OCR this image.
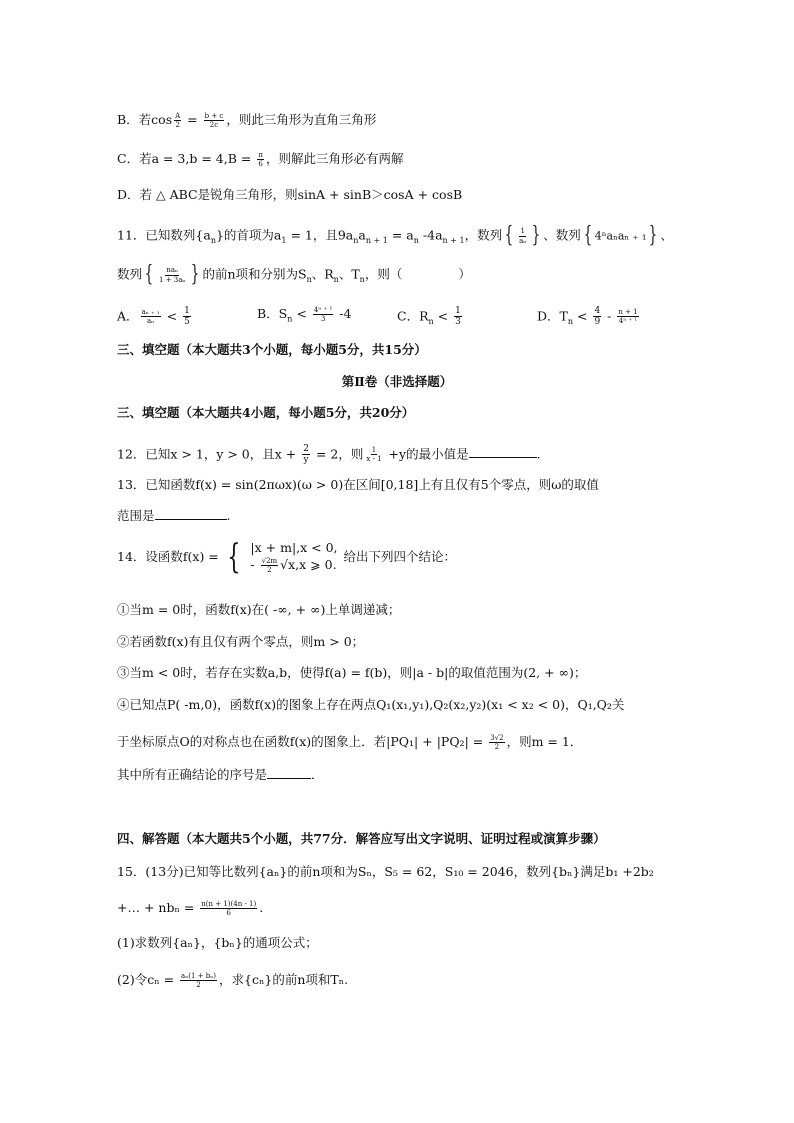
B．若$\cos \frac{A}{2} = \frac{b + c}{2c}$ ，则此三角形为直角三角形
C．若$a = 3,b = 4,B = \frac{\pi}{6}$ ，则解此三角形必有两解
D．若 △ ABC是锐角三角形，则sinA + sinB＞cosA + cosB
11．已知数列$\{a_n\}$的首项为$a_1 = 1$，且$9a_na_{n + 1} = a_n$ $-4a_{n + 1}$，数列 { $\frac{1}{\text{aₙ}}$ } 、数列 { 4ⁿaₙaₙ ₊ ₁ } 、
数列 { $\frac{\text{naₙ}}{\text{1 + 3aₙ}}$ } 的前n项和分别为$S_n$、$R_n$、$T_n$，则（	）
A． $\frac{\text{aₙ ₊ ₁}}{\text{aₙ}} < \frac{1}{5}$	B．$S_n < \frac{\text{4ⁿ ⁺ ¹}}{3} -4$	C．$R_n < \frac{1}{3}$	D．$T_n < \frac{4}{9} - \frac{n + 1}{\text{4ⁿ ⁺ ¹}}$
三、填空题（本大题共3个小题，每小题5分，共15分）
第Ⅱ卷（非选择题）
三、填空题（本大题共4小题，每小题5分，共20分）
12．已知x > 1，y > 0，且$x + \frac{2}{y} = 2$，则 $\frac{1}{x - 1} +y$的最小值是	.
13．已知函数f(x) = sin(2πωx)(ω > 0)在区间[0,18]上有且仅有5个零点，则ω的取值
范围是	.
14．设函数f(x) = { |x + m|,x < 0,
- $\frac{√2m}{2} √x,x$ ⩾ 0.
给出下列四个结论：
①当m = 0时，函数f(x)在( -∞, + ∞)上单调递减；
②若函数f(x)有且仅有两个零点，则m > 0；
③当m < 0时，若存在实数a,b，使得f(a) = f(b)，则|a - b|的取值范围为(2, + ∞)；
④已知点P( -m,0)，函数f(x)的图象上存在两点Q₁(x₁,y₁),Q₂(x₂,y₂)(x₁ < x₂ < 0)，Q₁,Q₂关
于坐标原点O的对称点也在函数f(x)的图象上．若$|PQ_1| + |PQ_2| = \frac{3√2}{2}$ ，则m = 1．
其中所有正确结论的序号是	．
四、解答题（本大题共5个小题，共77分．解答应写出文字说明、证明过程或演算步骤）
15．(13分)已知等比数列{aₙ}的前n项和为Sₙ，S₅ = 62，S₁₀ = 2046，数列{bₙ}满足b₁ +2b₂
+… + $nb_n = \frac{n(n + 1)(4n - 1)}{6}$ .
(1)求数列{aₙ}，{bₙ}的通项公式；
(2)令$c_n = \frac{\text{aₙ(1 + bₙ)}}{2}$ ，求{cₙ}的前n项和Tₙ.
